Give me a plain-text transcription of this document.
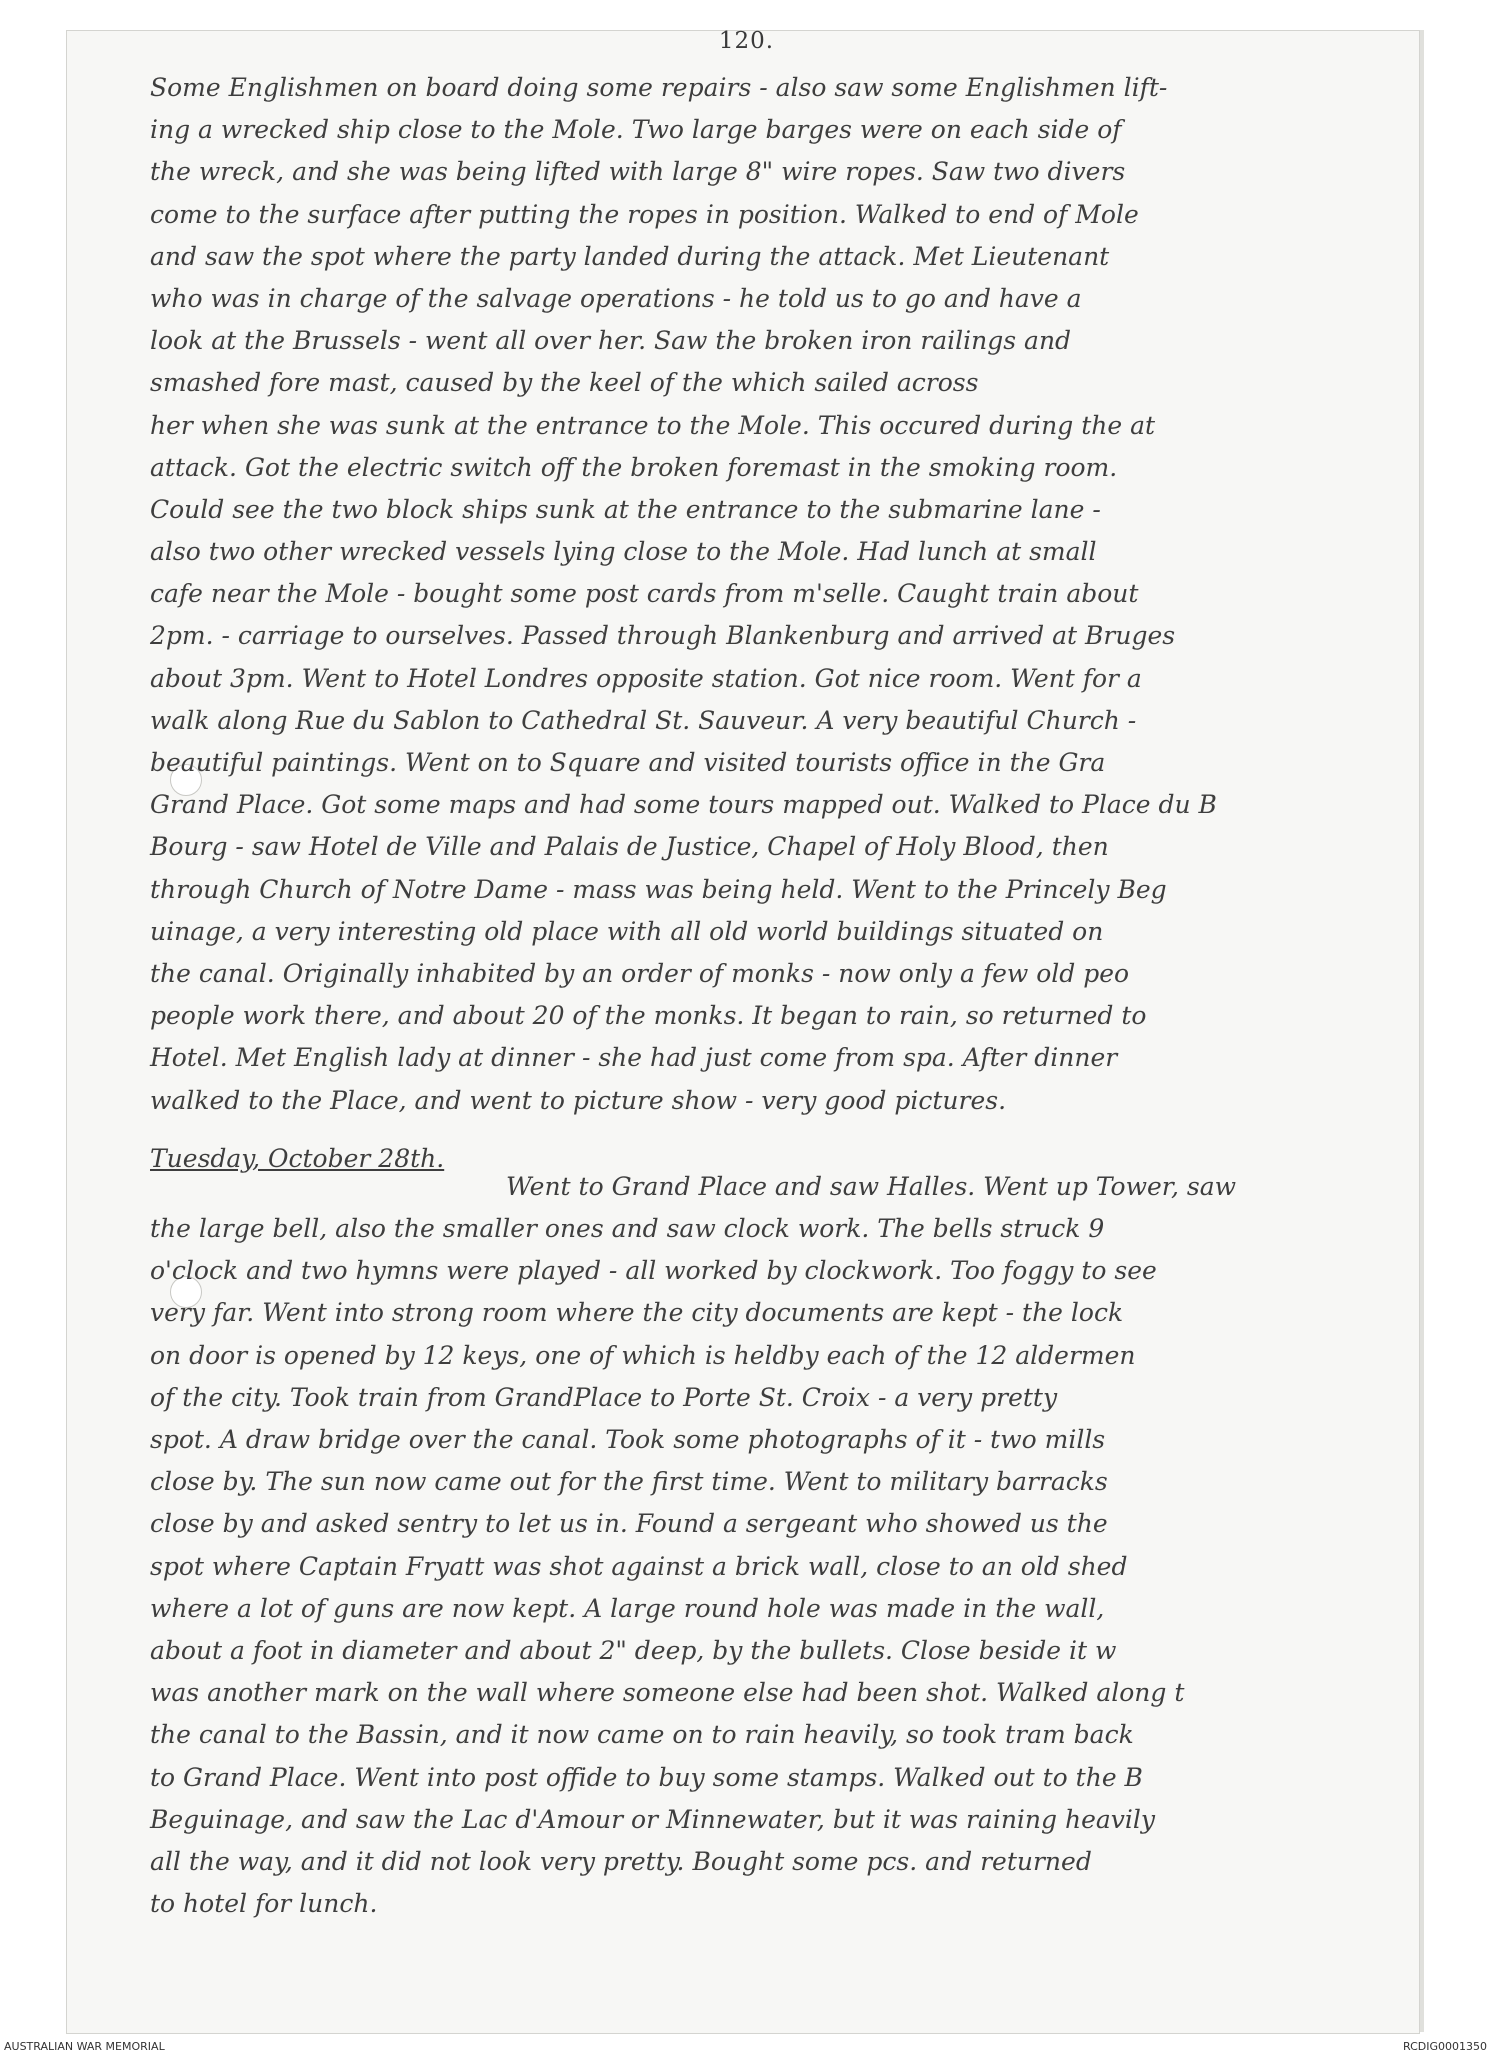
120.
Some Englishmen on board doing some repairs - also saw some Englishmen lift-
ing a wrecked ship close to the Mole. Two large barges were on each side of
the wreck, and she was being lifted with large 8" wire ropes. Saw two divers
come to the surface after putting the ropes in position. Walked to end of Mole
and saw the spot where the party landed during the attack. Met Lieutenant
who was in charge of the salvage operations - he told us to go and have a
look at the Brussels - went all over her. Saw the broken iron railings and
smashed fore mast, caused by the keel of the which sailed across
her when she was sunk at the entrance to the Mole. This occured during the at
attack. Got the electric switch off the broken foremast in the smoking room.
Could see the two block ships sunk at the entrance to the submarine lane -
also two other wrecked vessels lying close to the Mole. Had lunch at small
cafe near the Mole - bought some post cards from m'selle. Caught train about
2pm. - carriage to ourselves. Passed through Blankenburg and arrived at Bruges
about 3pm. Went to Hotel Londres opposite station. Got nice room. Went for a
walk along Rue du Sablon to Cathedral St. Sauveur. A very beautiful Church -
beautiful paintings. Went on to Square and visited tourists office in the Gra
Grand Place. Got some maps and had some tours mapped out. Walked to Place du B
Bourg - saw Hotel de Ville and Palais de Justice, Chapel of Holy Blood, then
through Church of Notre Dame - mass was being held. Went to the Princely Beg
uinage, a very interesting old place with all old world buildings situated on
the canal. Originally inhabited by an order of monks - now only a few old peo
people work there, and about 20 of the monks. It began to rain, so returned to
Hotel. Met English lady at dinner - she had just come from spa. After dinner
walked to the Place, and went to picture show - very good pictures.
Tuesday, October 28th.
Went to Grand Place and saw Halles. Went up Tower, saw
the large bell, also the smaller ones and saw clock work. The bells struck 9
o'clock and two hymns were played - all worked by clockwork. Too foggy to see
very far. Went into strong room where the city documents are kept - the lock
on door is opened by 12 keys, one of which is heldby each of the 12 aldermen
of the city. Took train from GrandPlace to Porte St. Croix - a very pretty
spot. A draw bridge over the canal. Took some photographs of it - two mills
close by. The sun now came out for the first time. Went to military barracks
close by and asked sentry to let us in. Found a sergeant who showed us the
spot where Captain Fryatt was shot against a brick wall, close to an old shed
where a lot of guns are now kept. A large round hole was made in the wall,
about a foot in diameter and about 2" deep, by the bullets. Close beside it w
was another mark on the wall where someone else had been shot. Walked along t
the canal to the Bassin, and it now came on to rain heavily, so took tram back
to Grand Place. Went into post offide to buy some stamps. Walked out to the B
Beguinage, and saw the Lac d'Amour or Minnewater, but it was raining heavily
all the way, and it did not look very pretty. Bought some pcs. and returned
to hotel for lunch.
AUSTRALIAN WAR MEMORIAL	RCDIG0001350
